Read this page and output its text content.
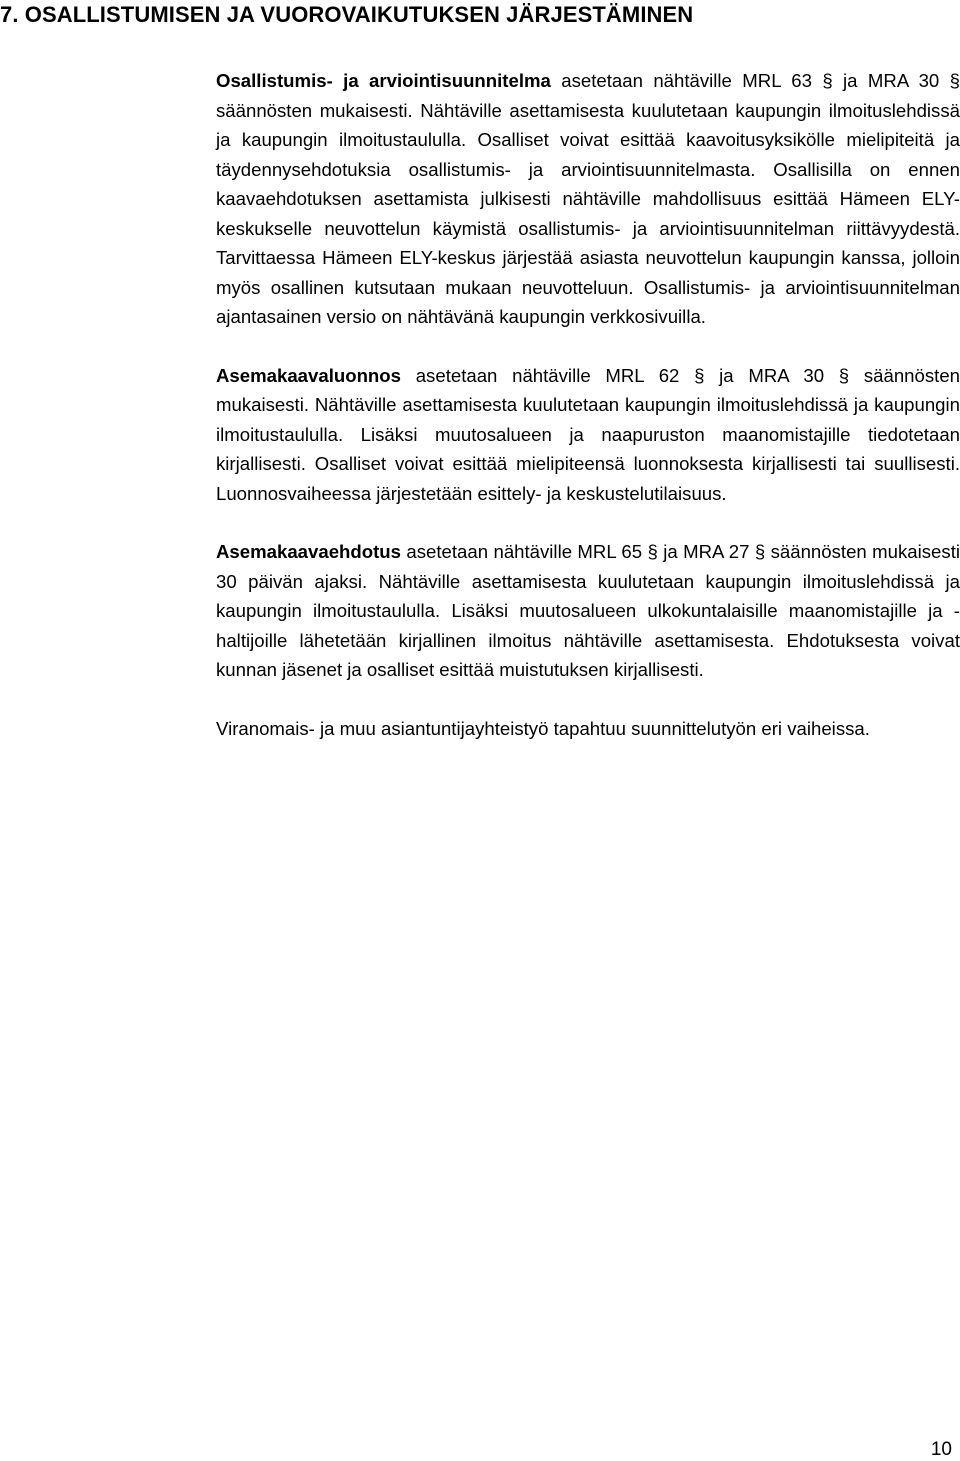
7. OSALLISTUMISEN JA VUOROVAIKUTUKSEN JÄRJESTÄMINEN

Osallistumis- ja arviointisuunnitelma asetetaan nähtäville MRL 63 § ja MRA 30 § säännösten mukaisesti. Nähtäville asettamisesta kuulutetaan kaupungin ilmoituslehdissä ja kaupungin ilmoitustaululla. Osalliset voivat esittää kaavoitusyksikölle mielipiteitä ja täydennysehdotuksia osallistumis- ja arviointisuunnitelmasta. Osallisilla on ennen kaavaehdotuksen asettamista julkisesti nähtäville mahdollisuus esittää Hämeen ELY-keskukselle neuvottelun käymistä osallistumis- ja arviointisuunnitelman riittävyydestä. Tarvittaessa Hämeen ELY-keskus järjestää asiasta neuvottelun kaupungin kanssa, jolloin myös osallinen kutsutaan mukaan neuvotteluun. Osallistumis- ja arviointisuunnitelman ajantasainen versio on nähtävänä kaupungin verkkosivuilla.

Asemakaavaluonnos asetetaan nähtäville MRL 62 § ja MRA 30 § säännösten mukaisesti. Nähtäville asettamisesta kuulutetaan kaupungin ilmoituslehdissä ja kaupungin ilmoitustaululla. Lisäksi muutosalueen ja naapuruston maanomistajille tiedotetaan kirjallisesti. Osalliset voivat esittää mielipiteensä luonnoksesta kirjallisesti tai suullisesti. Luonnosvaiheessa järjestetään esittely- ja keskustelutilaisuus.

Asemakaavaehdotus asetetaan nähtäville MRL 65 § ja MRA 27 § säännösten mukaisesti 30 päivän ajaksi. Nähtäville asettamisesta kuulutetaan kaupungin ilmoituslehdissä ja kaupungin ilmoitustaululla. Lisäksi muutosalueen ulkokuntalaisille maanomistajille ja -haltijoille lähetetään kirjallinen ilmoitus nähtäville asettamisesta. Ehdotuksesta voivat kunnan jäsenet ja osalliset esittää muistutuksen kirjallisesti.

Viranomais- ja muu asiantuntijayhteistyö tapahtuu suunnittelutyön eri vaiheissa.

10
